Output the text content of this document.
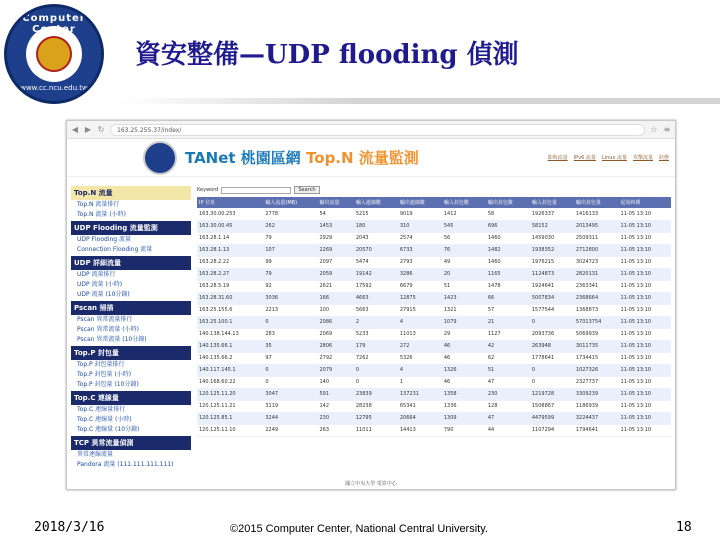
Computer Center
www.cc.ncu.edu.tw
資安整備—UDP flooding 偵測
◀ ▶ ↻	163.25.255.37/index/	☆ ≡
TANet 桃園區網 Top.N 流量監測	即時流量 IPv6 流量 Linux 流量 攻擊流量 狀態
Top.N 流量
Top.N 流量排行
Top.N 流量 (小時)
UDP Flooding 流量監測
UDP Flooding 流量
Connection Flooding 流量
UDP 詳細流量
UDP 流量排行
UDP 流量 (小時)
UDP 流量 (10分鐘)
Pscan 掃描
Pscan 異常流量排行
Pscan 異常流量 (小時)
Pscan 異常流量 (10分鐘)
Top.P 封包量
Top.P 封包量排行
Top.P 封包量 (小時)
Top.P 封包量 (10分鐘)
Top.C 連線量
Top.C 連線量排行
Top.C 連線量 (小時)
Top.C 連線量 (10分鐘)
TCP 異常流量偵測
異常連線流量
Pandora 流量 (111.111.111.111)
Keyword	Search
IP 位址	輸入流量(MB)	輸出流量	輸入連線數	輸出連線數	輸入封包數	輸出封包數	輸入封包量	輸出封包量	起始時間
163.30.00.253	2778	54	5215	9019	1412	58	1926337	1416133	11-05 13:10
163.30.00.45	262	1453	180	310	545	696	58152	2013495	11-05 13:10
163.28.1.14	79	2929	2043	2574	56	1460	1459030	2509311	11-05 13:10
163.28.1.13	107	2269	20570	6733	76	1482	1938352	2712800	11-05 13:10
163.28.2.22	99	2097	5474	2793	49	1460	1976215	3024723	11-05 13:10
163.28.2.27	79	2059	19142	3286	20	1165	1124873	2820131	11-05 13:10
163.28.5.19	92	2621	17592	6679	51	1478	1924641	2363341	11-05 13:10
163.28.31.60	3036	166	4663	12875	1423	66	5007834	2368664	11-05 13:10
163.25.155.6	2213	100	5663	27915	1321	57	1577544	1368873	11-05 13:10
163.25.100.1	0	2086	2	4	1079	21	0	57013754	11-05 13:10
140.138.144.13	283	2069	5233	11013	29	1127	2093736	5069939	11-05 13:10
140.135.66.1	35	2806	179	272	46	42	263948	3011735	11-05 13:10
140.135.66.2	97	2792	7262	5326	46	62	1778641	1734415	11-05 13:10
140.117.145.1	0	2079	0	4	1326	51	0	1027326	11-05 13:10
140.168.60.22	0	140	0	1	46	47	0	2327737	11-05 13:10
120.125.11.20	3047	591	23839	137231	1358	230	1219728	3309239	11-05 13:10
120.125.11.21	3119	142	28238	65341	1336	128	1508867	1186939	11-05 13:10
120.125.85.1	3244	230	12795	20664	1309	47	4479599	3224437	11-05 13:10
120.125.11.10	2249	263	11011	14413	790	44	1107294	1794641	11-05 13:10
國立中央大學 電算中心
2018/3/16	©2015 Computer Center, National Central University.	18
